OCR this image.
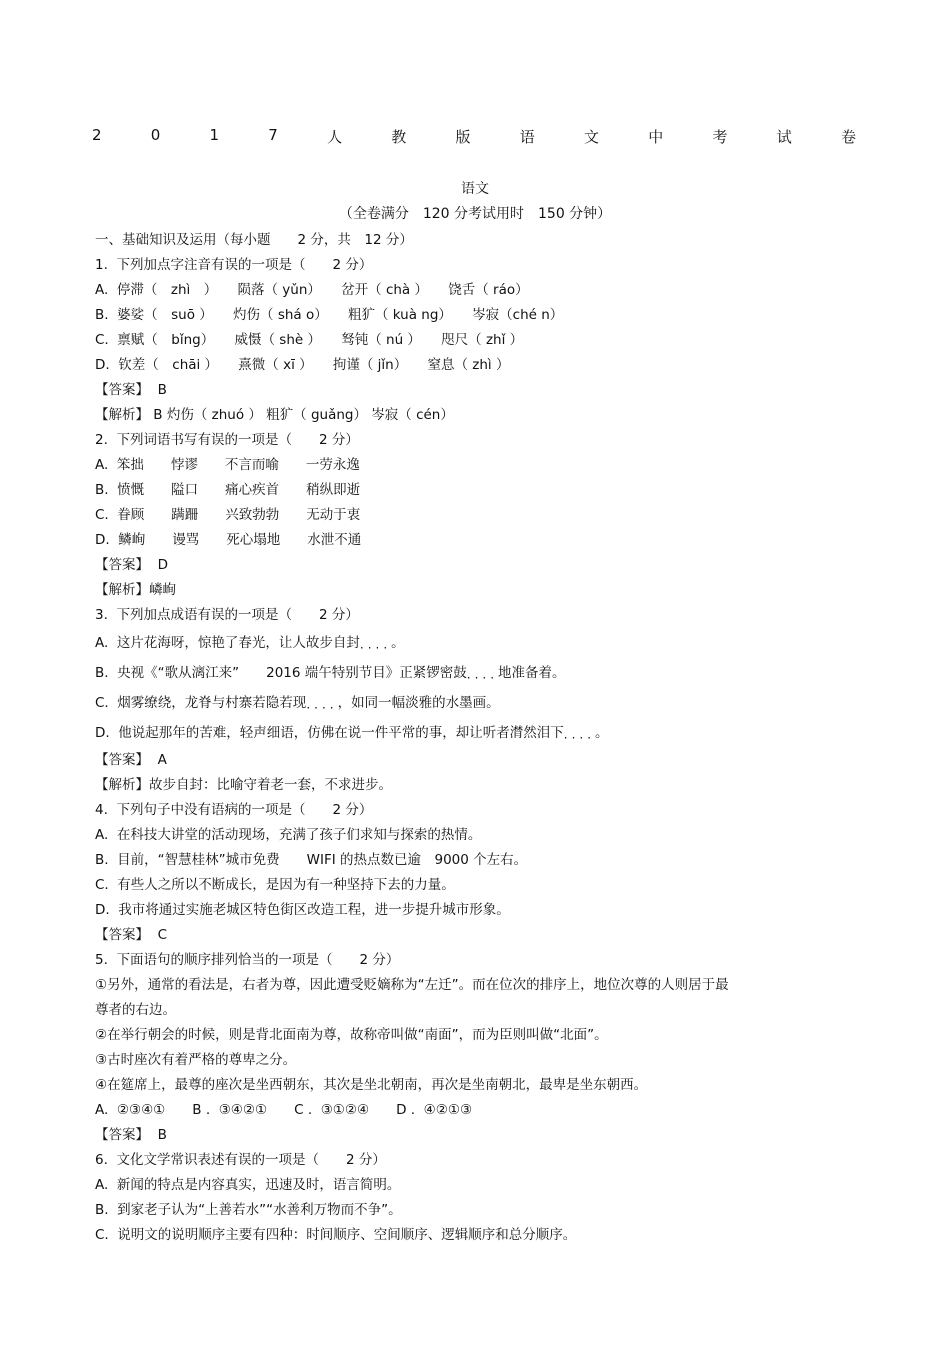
2	0	1	7	人	教	版	语	文	中	考	试	卷
语文
（全卷满分　120 分考试用时　150 分钟）
一、基础知识及运用（每小题　　2 分，共　12 分）
1.  下列加点字注音有误的一项是（　　2 分）
A.  停滞（　zhì　）　　陨落（ yǔn）　　岔开（ chà ）　　饶舌（ ráo）
B.  婆娑（　suō ）　　灼伤（ shá o）　　粗犷（ kuà ng）　　岑寂（ché n）
C.  禀赋（　bǐng）　　威慑（ shè ）　　驽钝（ nú ）　　咫尺（ zhǐ ）
D.  钦差（　chāi ）　　熹微（ xī ）　　拘谨（ jǐn）　　窒息（ zhì ）
【答案】  B
【解析】 B 灼伤（ zhuó ） 粗犷（ guǎng） 岑寂（ cén）
2.  下列词语书写有误的一项是（　　2 分）
A.  笨拙　　悖谬　　不言而喻　　一劳永逸
B.  愤慨　　隘口　　痛心疾首　　稍纵即逝
C.  眷顾　　蹒跚　　兴致勃勃　　无动于衷
D.  鳞峋　　谩骂　　死心塌地　　水泄不通
【答案】  D
【解析】嶙峋
3.  下列加点成语有误的一项是（　　2 分）
A.  这片花海呀，惊艳了春光，让人故步自封····。
B.  央视《“歌从漓江来”　　2016 端午特别节目》正紧锣密鼓····地准备着。
C.  烟雾缭绕，龙脊与村寨若隐若现····，如同一幅淡雅的水墨画。
D.  他说起那年的苦难，轻声细语，仿佛在说一件平常的事，却让听者潸然泪下····。
【答案】  A
【解析】故步自封：比喻守着老一套，不求进步。
4.  下列句子中没有语病的一项是（　　2 分）
A.  在科技大讲堂的活动现场，充满了孩子们求知与探索的热情。
B.  目前，“智慧桂林”城市免费　　WIFI 的热点数已逾　9000 个左右。
C.  有些人之所以不断成长，是因为有一种坚持下去的力量。
D.  我市将通过实施老城区特色街区改造工程，进一步提升城市形象。
【答案】  C
5.  下面语句的顺序排列恰当的一项是（　　2 分）
①另外，通常的看法是，右者为尊，因此遭受贬嫡称为“左迁”。而在位次的排序上，地位次尊的人则居于最
尊者的右边。
②在举行朝会的时候，则是背北面南为尊，故称帝叫做“南面”，而为臣则叫做“北面”。
③古时座次有着严格的尊卑之分。
④在筵席上，最尊的座次是坐西朝东，其次是坐北朝南，再次是坐南朝北，最卑是坐东朝西。
A.  ②③④①　　B .  ③④②①　　C .  ③①②④　　D .  ④②①③
【答案】  B
6.  文化文学常识表述有误的一项是（　　2 分）
A.  新闻的特点是内容真实，迅速及时，语言简明。
B.  到家老子认为“上善若水”“水善利万物而不争”。
C.  说明文的说明顺序主要有四种：时间顺序、空间顺序、逻辑顺序和总分顺序。
